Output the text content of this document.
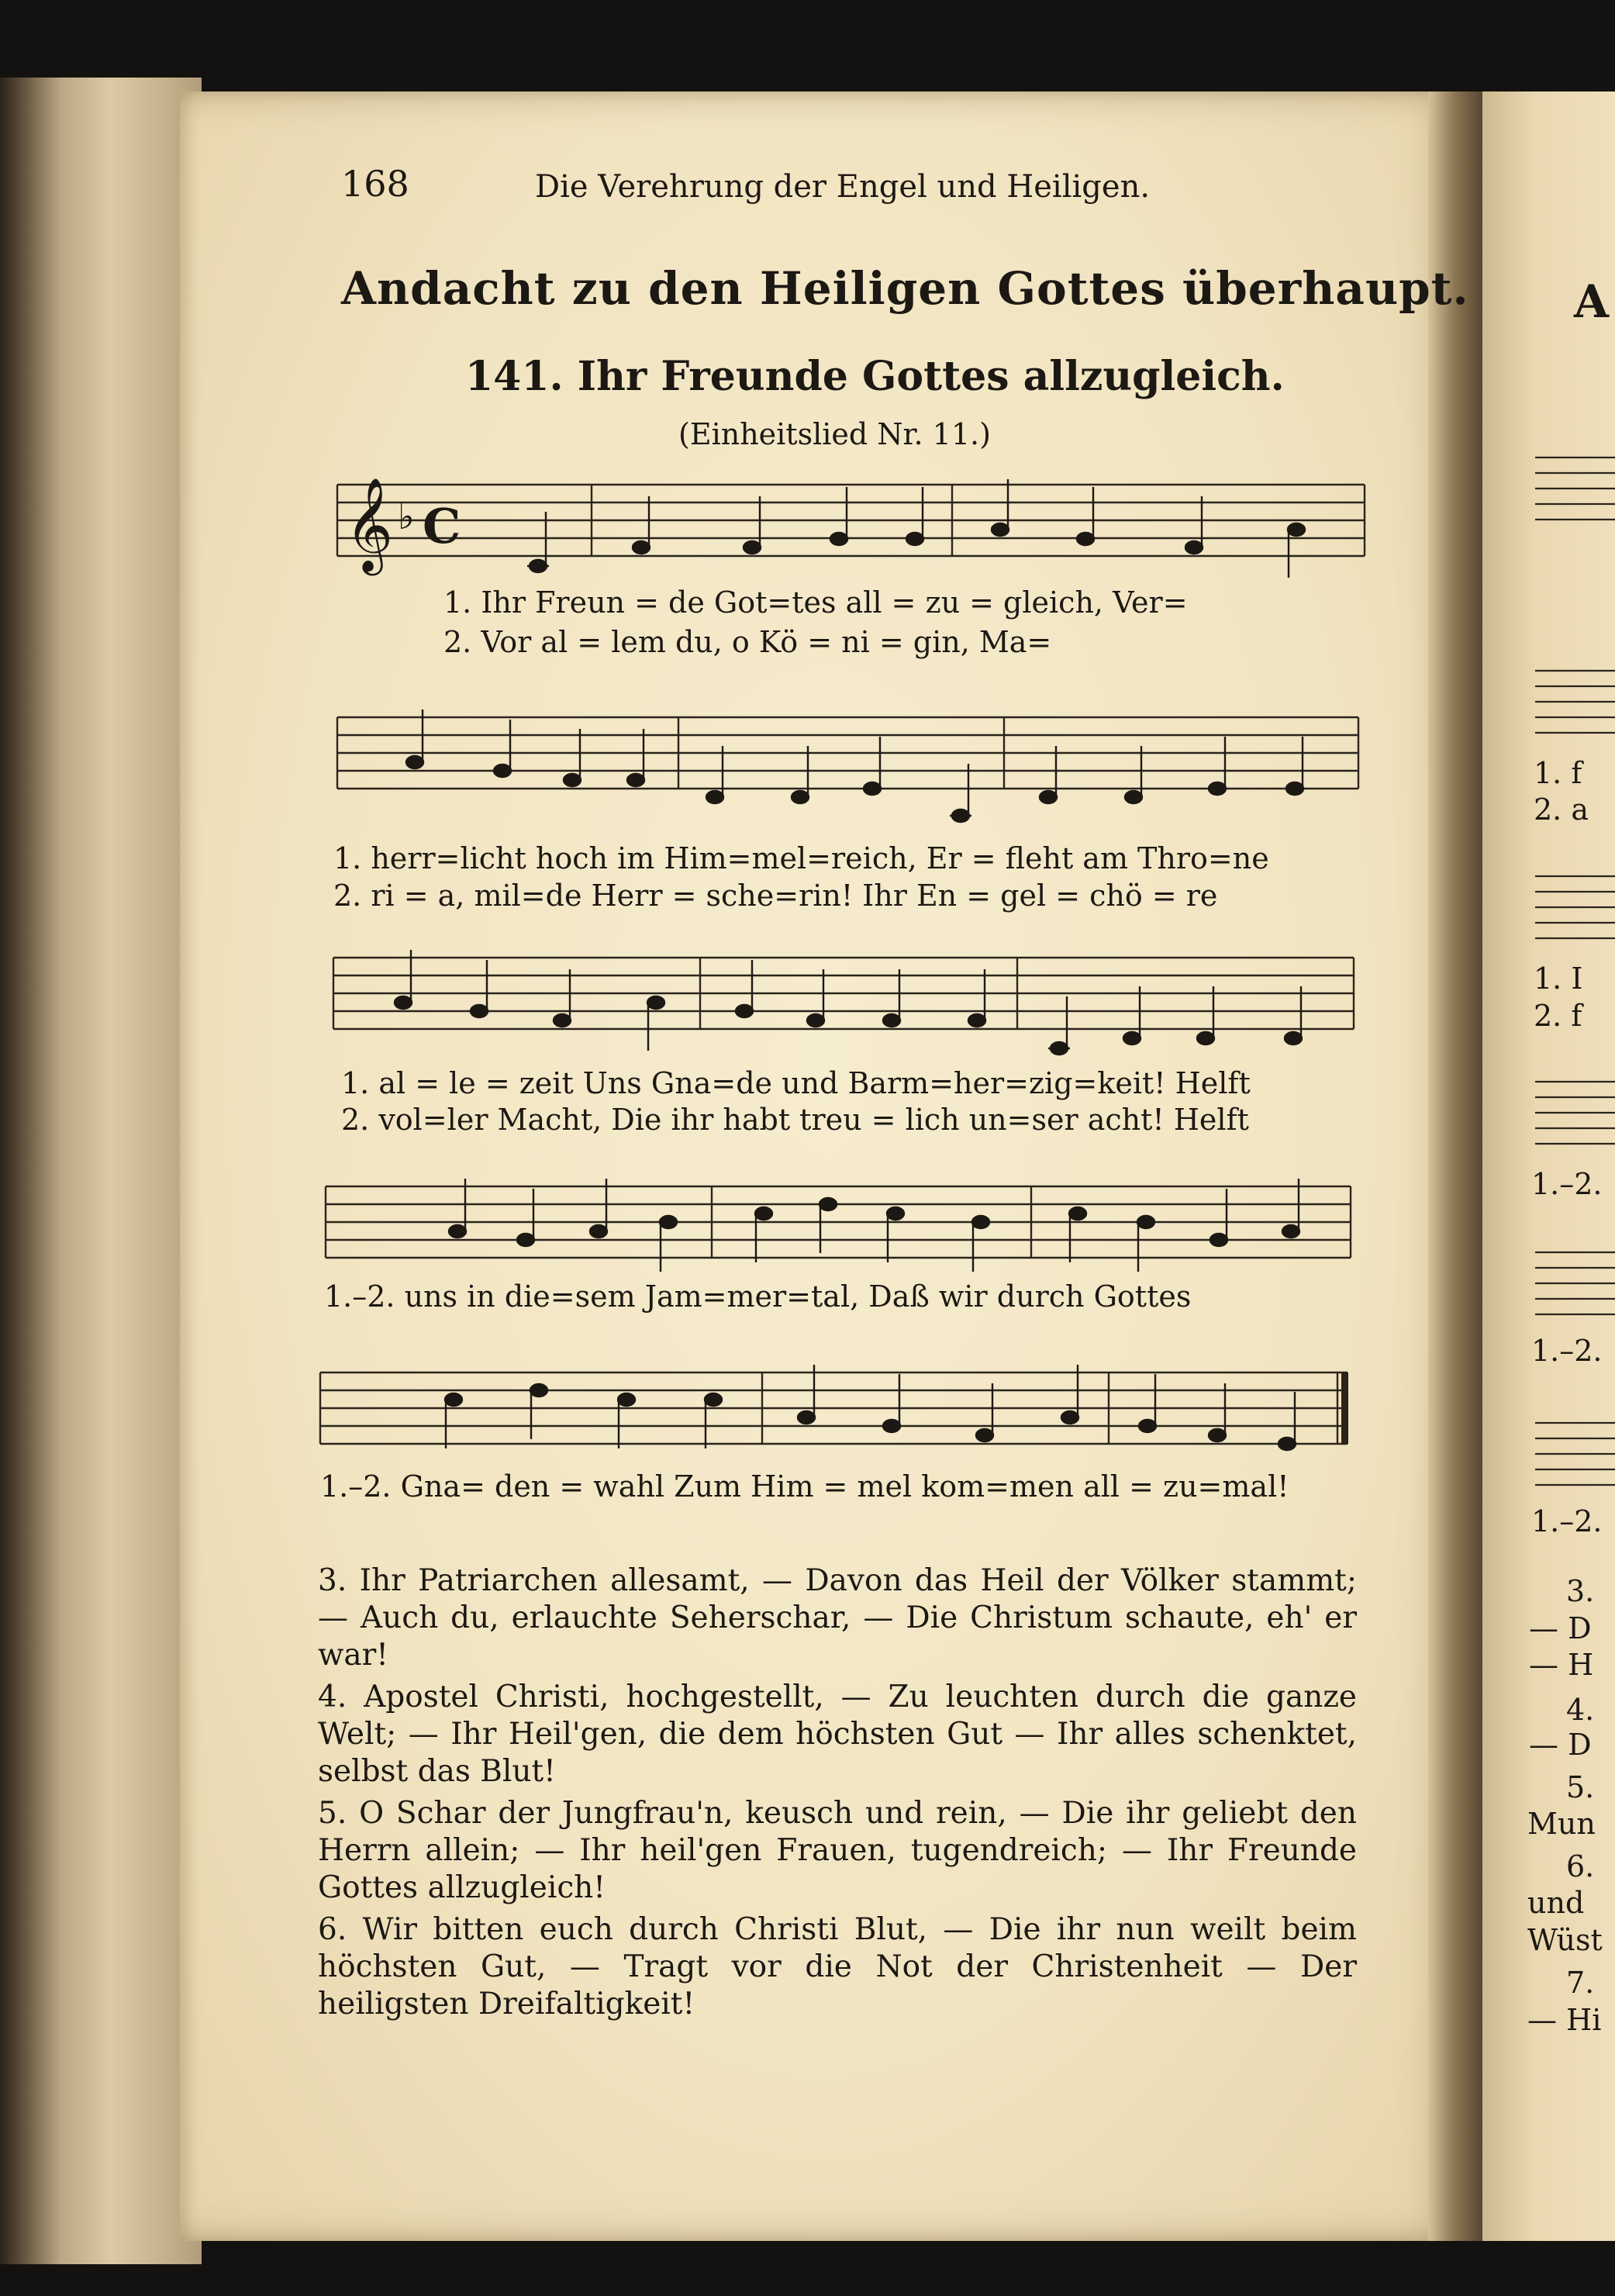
168	Die Verehrung der Engel und Heiligen.

Andacht zu den Heiligen Gottes überhaupt.

141. Ihr Freunde Gottes allzugleich.

(Einheitslied Nr. 11.)

𝄞 ♭ C
1. Ihr Freun = de Got=tes all = zu = gleich, Ver=
2. Vor al = lem du, o Kö = ni = gin, Ma=
1. herr=licht hoch im Him=mel=reich, Er = fleht am Thro=ne
2. ri = a, mil=de Herr = sche=rin! Ihr En = gel = chö = re
1. al = le = zeit Uns Gna=de und Barm=her=zig=keit! Helft
2. vol=ler Macht, Die ihr habt treu = lich un=ser acht! Helft
1.–2. uns in die=sem Jam=mer=tal, Daß wir durch Gottes
1.–2. Gna= den = wahl Zum Him = mel kom=men all = zu=mal!

3. Ihr Patriarchen allesamt, — Davon das Heil der Völker stammt; — Auch du, erlauchte Seherschar, — Die Christum schaute, eh' er war!

4. Apostel Christi, hochgestellt, — Zu leuchten durch die ganze Welt; — Ihr Heil'gen, die dem höchsten Gut — Ihr alles schenktet, selbst das Blut!

5. O Schar der Jungfrau'n, keusch und rein, — Die ihr geliebt den Herrn allein; — Ihr heil'gen Frauen, tugendreich; — Ihr Freunde Gottes allzugleich!

6. Wir bitten euch durch Christi Blut, — Die ihr nun weilt beim höchsten Gut, — Tragt vor die Not der Christenheit — Der heiligsten Dreifaltigkeit!

A
1. f
2. a
1. I
2. f
1.–2.
1.–2.
1.–2.
3.
— D
— H
4.
— D
5.
Mun
6.
und
Wüst
7.
— Hi
